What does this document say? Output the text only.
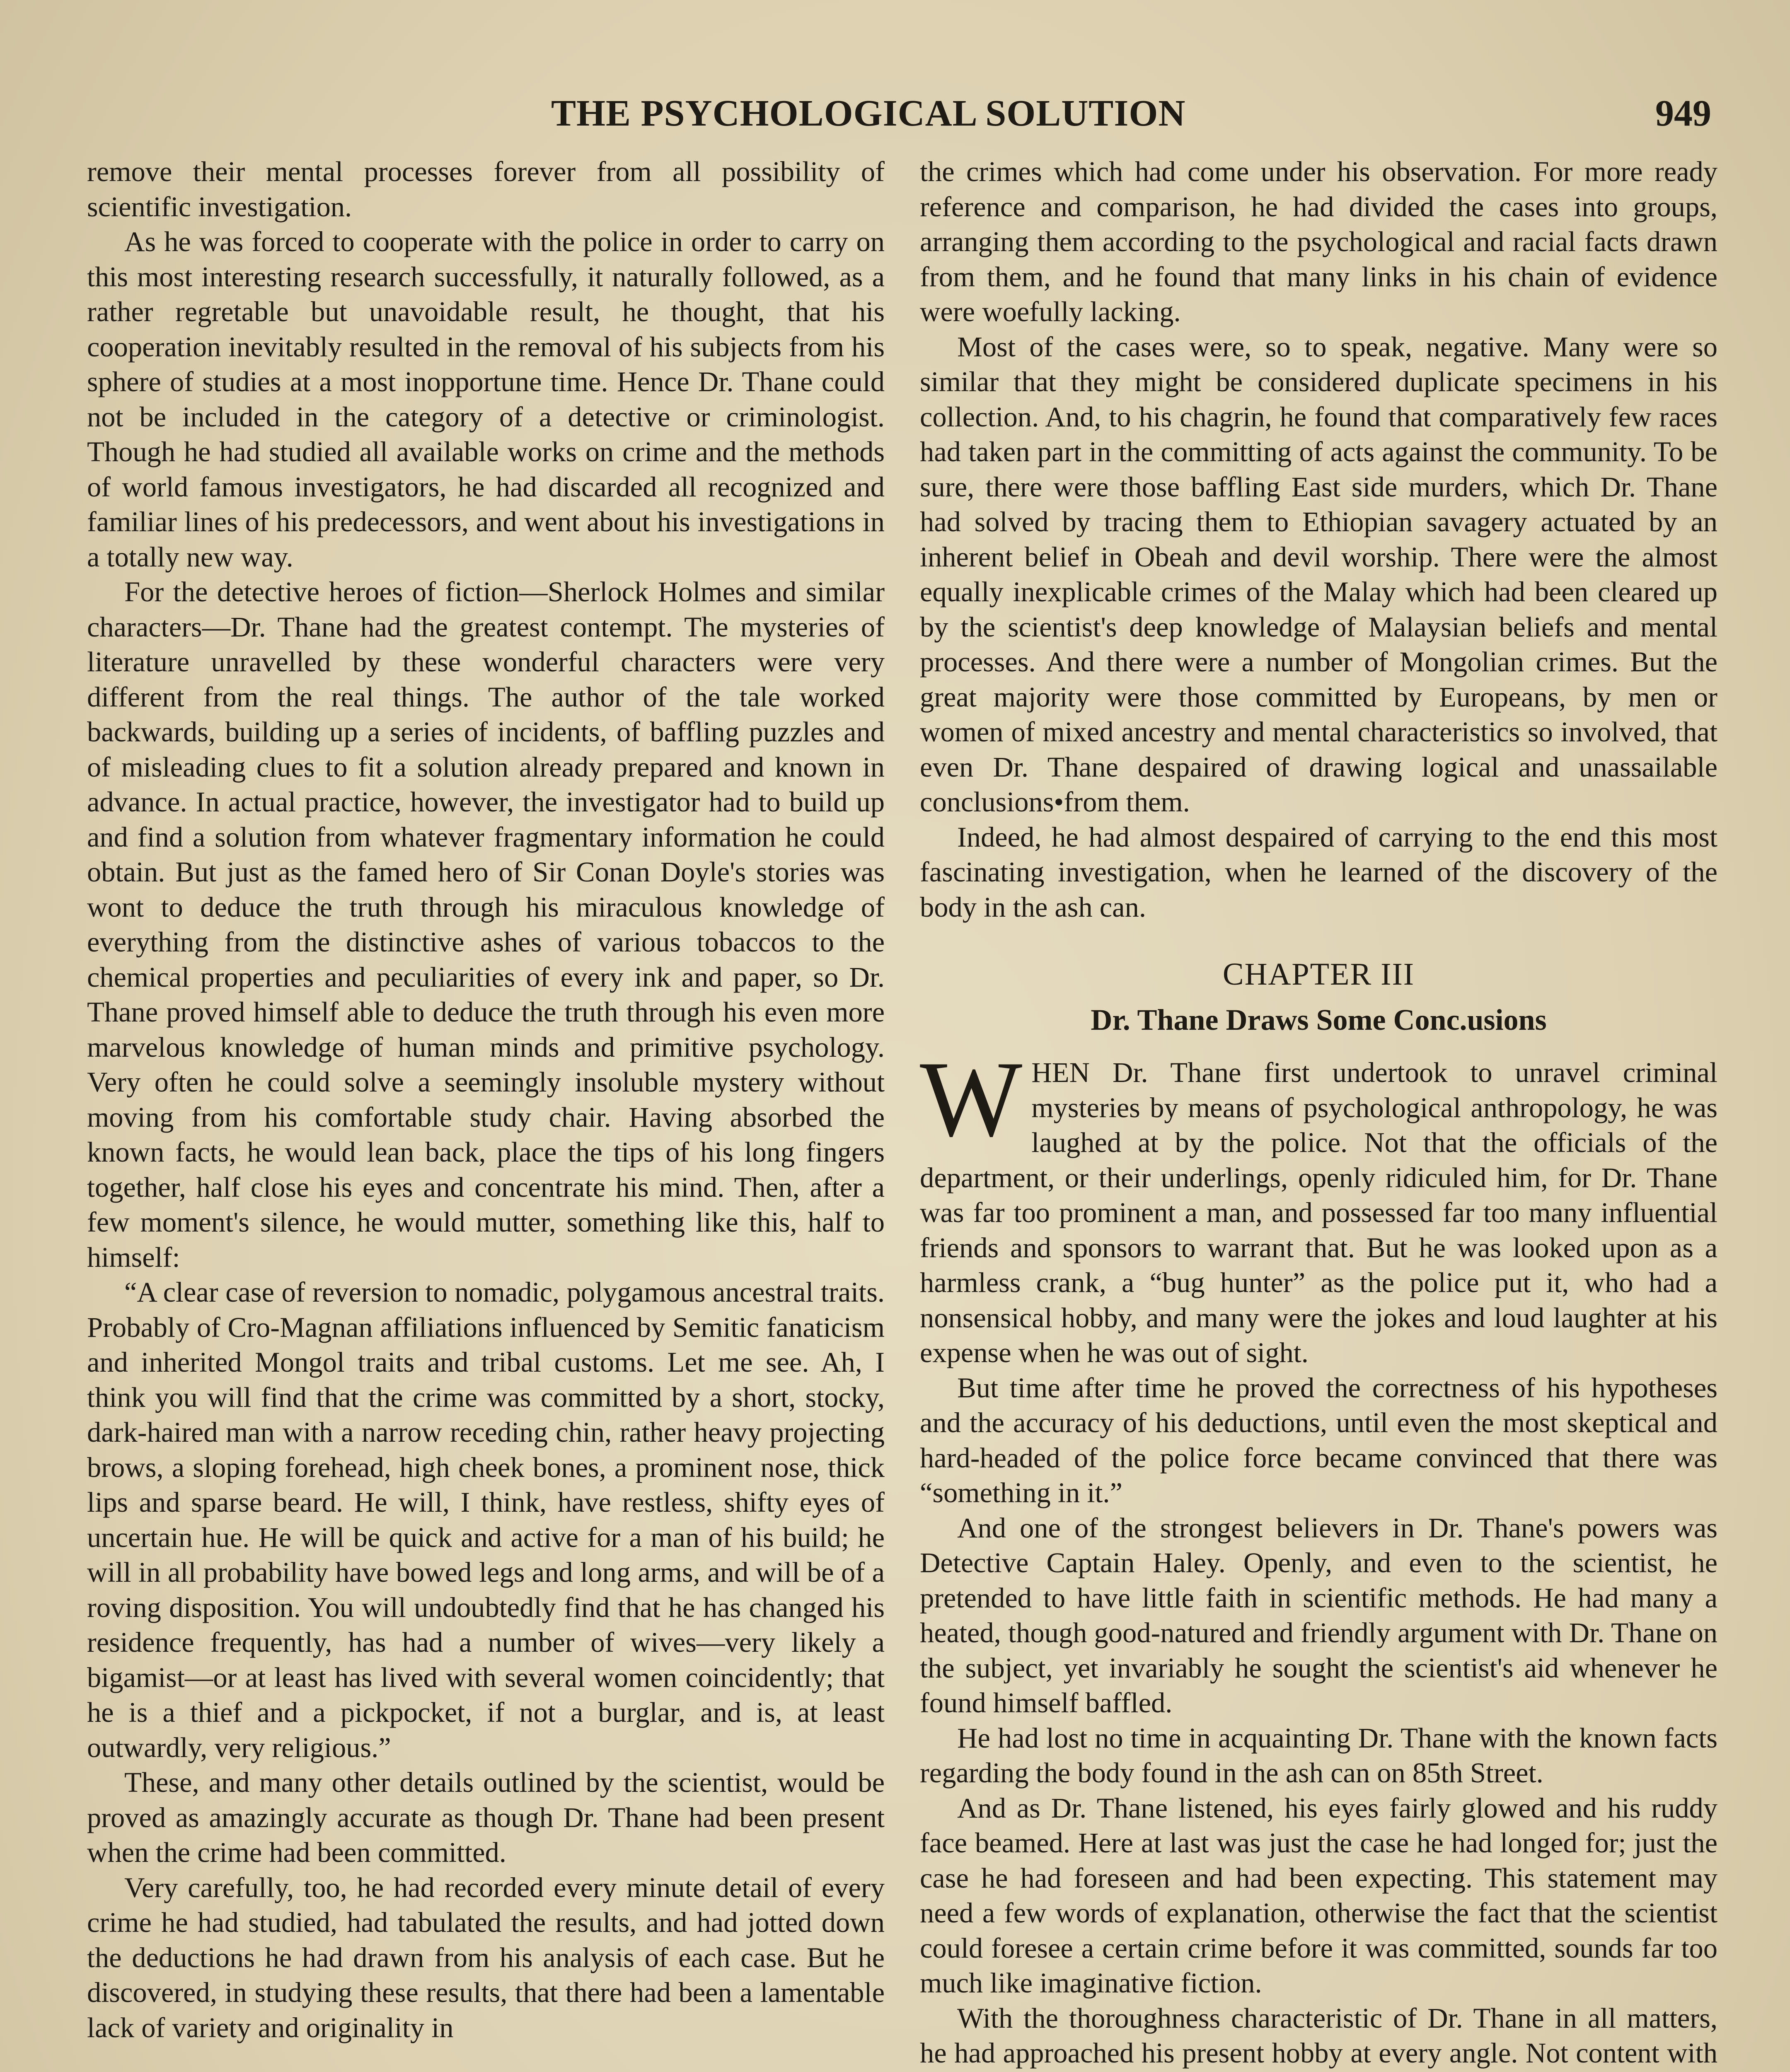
THE PSYCHOLOGICAL SOLUTION	949

remove their mental processes forever from all possibility of scientific investigation.

As he was forced to cooperate with the police in order to carry on this most interesting research successfully, it naturally followed, as a rather regretable but unavoidable result, he thought, that his cooperation inevitably resulted in the removal of his subjects from his sphere of studies at a most inopportune time. Hence Dr. Thane could not be included in the category of a detective or criminologist. Though he had studied all available works on crime and the methods of world famous investigators, he had discarded all recognized and familiar lines of his predecessors, and went about his investigations in a totally new way.

For the detective heroes of fiction—Sherlock Holmes and similar characters—Dr. Thane had the greatest contempt. The mysteries of literature unravelled by these wonderful characters were very different from the real things. The author of the tale worked backwards, building up a series of incidents, of baffling puzzles and of misleading clues to fit a solution already prepared and known in advance. In actual practice, however, the investigator had to build up and find a solution from whatever fragmentary information he could obtain. But just as the famed hero of Sir Conan Doyle's stories was wont to deduce the truth through his miraculous knowledge of everything from the distinctive ashes of various tobaccos to the chemical properties and peculiarities of every ink and paper, so Dr. Thane proved himself able to deduce the truth through his even more marvelous knowledge of human minds and primitive psychology. Very often he could solve a seemingly insoluble mystery without moving from his comfortable study chair. Having absorbed the known facts, he would lean back, place the tips of his long fingers together, half close his eyes and concentrate his mind. Then, after a few moment's silence, he would mutter, something like this, half to himself:

“A clear case of reversion to nomadic, polygamous ancestral traits. Probably of Cro-Magnan affiliations influenced by Semitic fanaticism and inherited Mongol traits and tribal customs. Let me see. Ah, I think you will find that the crime was committed by a short, stocky, dark-haired man with a narrow receding chin, rather heavy projecting brows, a sloping forehead, high cheek bones, a prominent nose, thick lips and sparse beard. He will, I think, have restless, shifty eyes of uncertain hue. He will be quick and active for a man of his build; he will in all probability have bowed legs and long arms, and will be of a roving disposition. You will undoubtedly find that he has changed his residence frequently, has had a number of wives—very likely a bigamist—or at least has lived with several women coincidently; that he is a thief and a pickpocket, if not a burglar, and is, at least outwardly, very religious.”

These, and many other details outlined by the scientist, would be proved as amazingly accurate as though Dr. Thane had been present when the crime had been committed.

Very carefully, too, he had recorded every minute detail of every crime he had studied, had tabulated the results, and had jotted down the deductions he had drawn from his analysis of each case. But he discovered, in studying these results, that there had been a lamentable lack of variety and originality in

the crimes which had come under his observation. For more ready reference and comparison, he had divided the cases into groups, arranging them according to the psychological and racial facts drawn from them, and he found that many links in his chain of evidence were woefully lacking.

Most of the cases were, so to speak, negative. Many were so similar that they might be considered duplicate specimens in his collection. And, to his chagrin, he found that comparatively few races had taken part in the committing of acts against the community. To be sure, there were those baffling East side murders, which Dr. Thane had solved by tracing them to Ethiopian savagery actuated by an inherent belief in Obeah and devil worship. There were the almost equally inexplicable crimes of the Malay which had been cleared up by the scientist's deep knowledge of Malaysian beliefs and mental processes. And there were a number of Mongolian crimes. But the great majority were those committed by Europeans, by men or women of mixed ancestry and mental characteristics so involved, that even Dr. Thane despaired of drawing logical and unassailable conclusions•from them.

Indeed, he had almost despaired of carrying to the end this most fascinating investigation, when he learned of the discovery of the body in the ash can.

CHAPTER III
Dr. Thane Draws Some Conc.usions

WHEN Dr. Thane first undertook to unravel criminal mysteries by means of psychological anthropology, he was laughed at by the police. Not that the officials of the department, or their underlings, openly ridiculed him, for Dr. Thane was far too prominent a man, and possessed far too many influential friends and sponsors to warrant that. But he was looked upon as a harmless crank, a “bug hunter” as the police put it, who had a nonsensical hobby, and many were the jokes and loud laughter at his expense when he was out of sight.

But time after time he proved the correctness of his hypotheses and the accuracy of his deductions, until even the most skeptical and hard-headed of the police force became convinced that there was “something in it.”

And one of the strongest believers in Dr. Thane's powers was Detective Captain Haley. Openly, and even to the scientist, he pretended to have little faith in scientific methods. He had many a heated, though good-natured and friendly argument with Dr. Thane on the subject, yet invariably he sought the scientist's aid whenever he found himself baffled.

He had lost no time in acquainting Dr. Thane with the known facts regarding the body found in the ash can on 85th Street.

And as Dr. Thane listened, his eyes fairly glowed and his ruddy face beamed. Here at last was just the case he had longed for; just the case he had foreseen and had been expecting. This statement may need a few words of explanation, otherwise the fact that the scientist could foresee a certain crime before it was committed, sounds far too much like imaginative fiction.

With the thoroughness characteristic of Dr. Thane in all matters, he had approached his present hobby at every angle. Not content with
